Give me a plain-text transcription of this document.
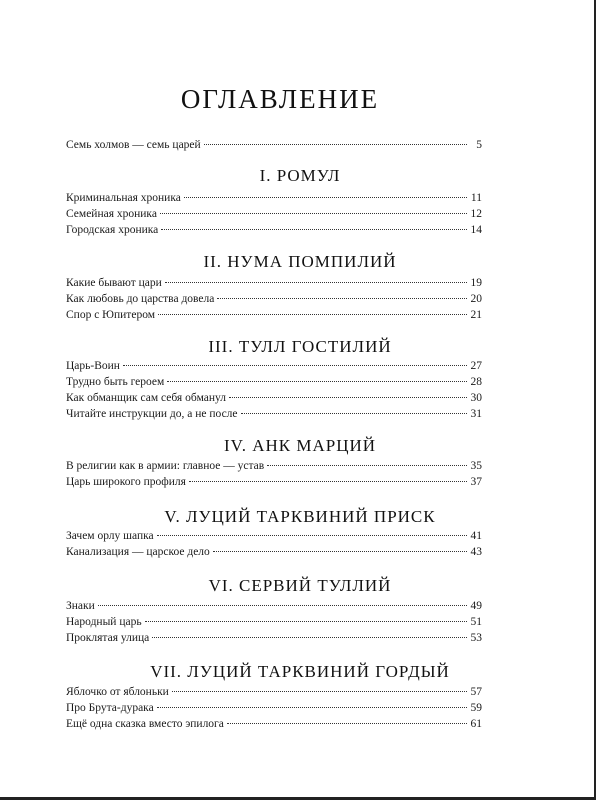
ОГЛАВЛЕНИЕ
Семь холмов — семь царей	5
I. РОМУЛ
Криминальная хроника	11
Семейная хроника	12
Городская хроника	14
II. НУМА ПОМПИЛИЙ
Какие бывают цари	19
Как любовь до царства довела	20
Спор с Юпитером	21
III. ТУЛЛ ГОСТИЛИЙ
Царь-Воин	27
Трудно быть героем	28
Как обманщик сам себя обманул	30
Читайте инструкции до, а не после	31
IV. АНК МАРЦИЙ
В религии как в армии: главное — устав	35
Царь широкого профиля	37
V. ЛУЦИЙ ТАРКВИНИЙ ПРИСК
Зачем орлу шапка	41
Канализация — царское дело	43
VI. СЕРВИЙ ТУЛЛИЙ
Знаки	49
Народный царь	51
Проклятая улица	53
VII. ЛУЦИЙ ТАРКВИНИЙ ГОРДЫЙ
Яблочко от яблоньки	57
Про Брута-дурака	59
Ещё одна сказка вместо эпилога	61
